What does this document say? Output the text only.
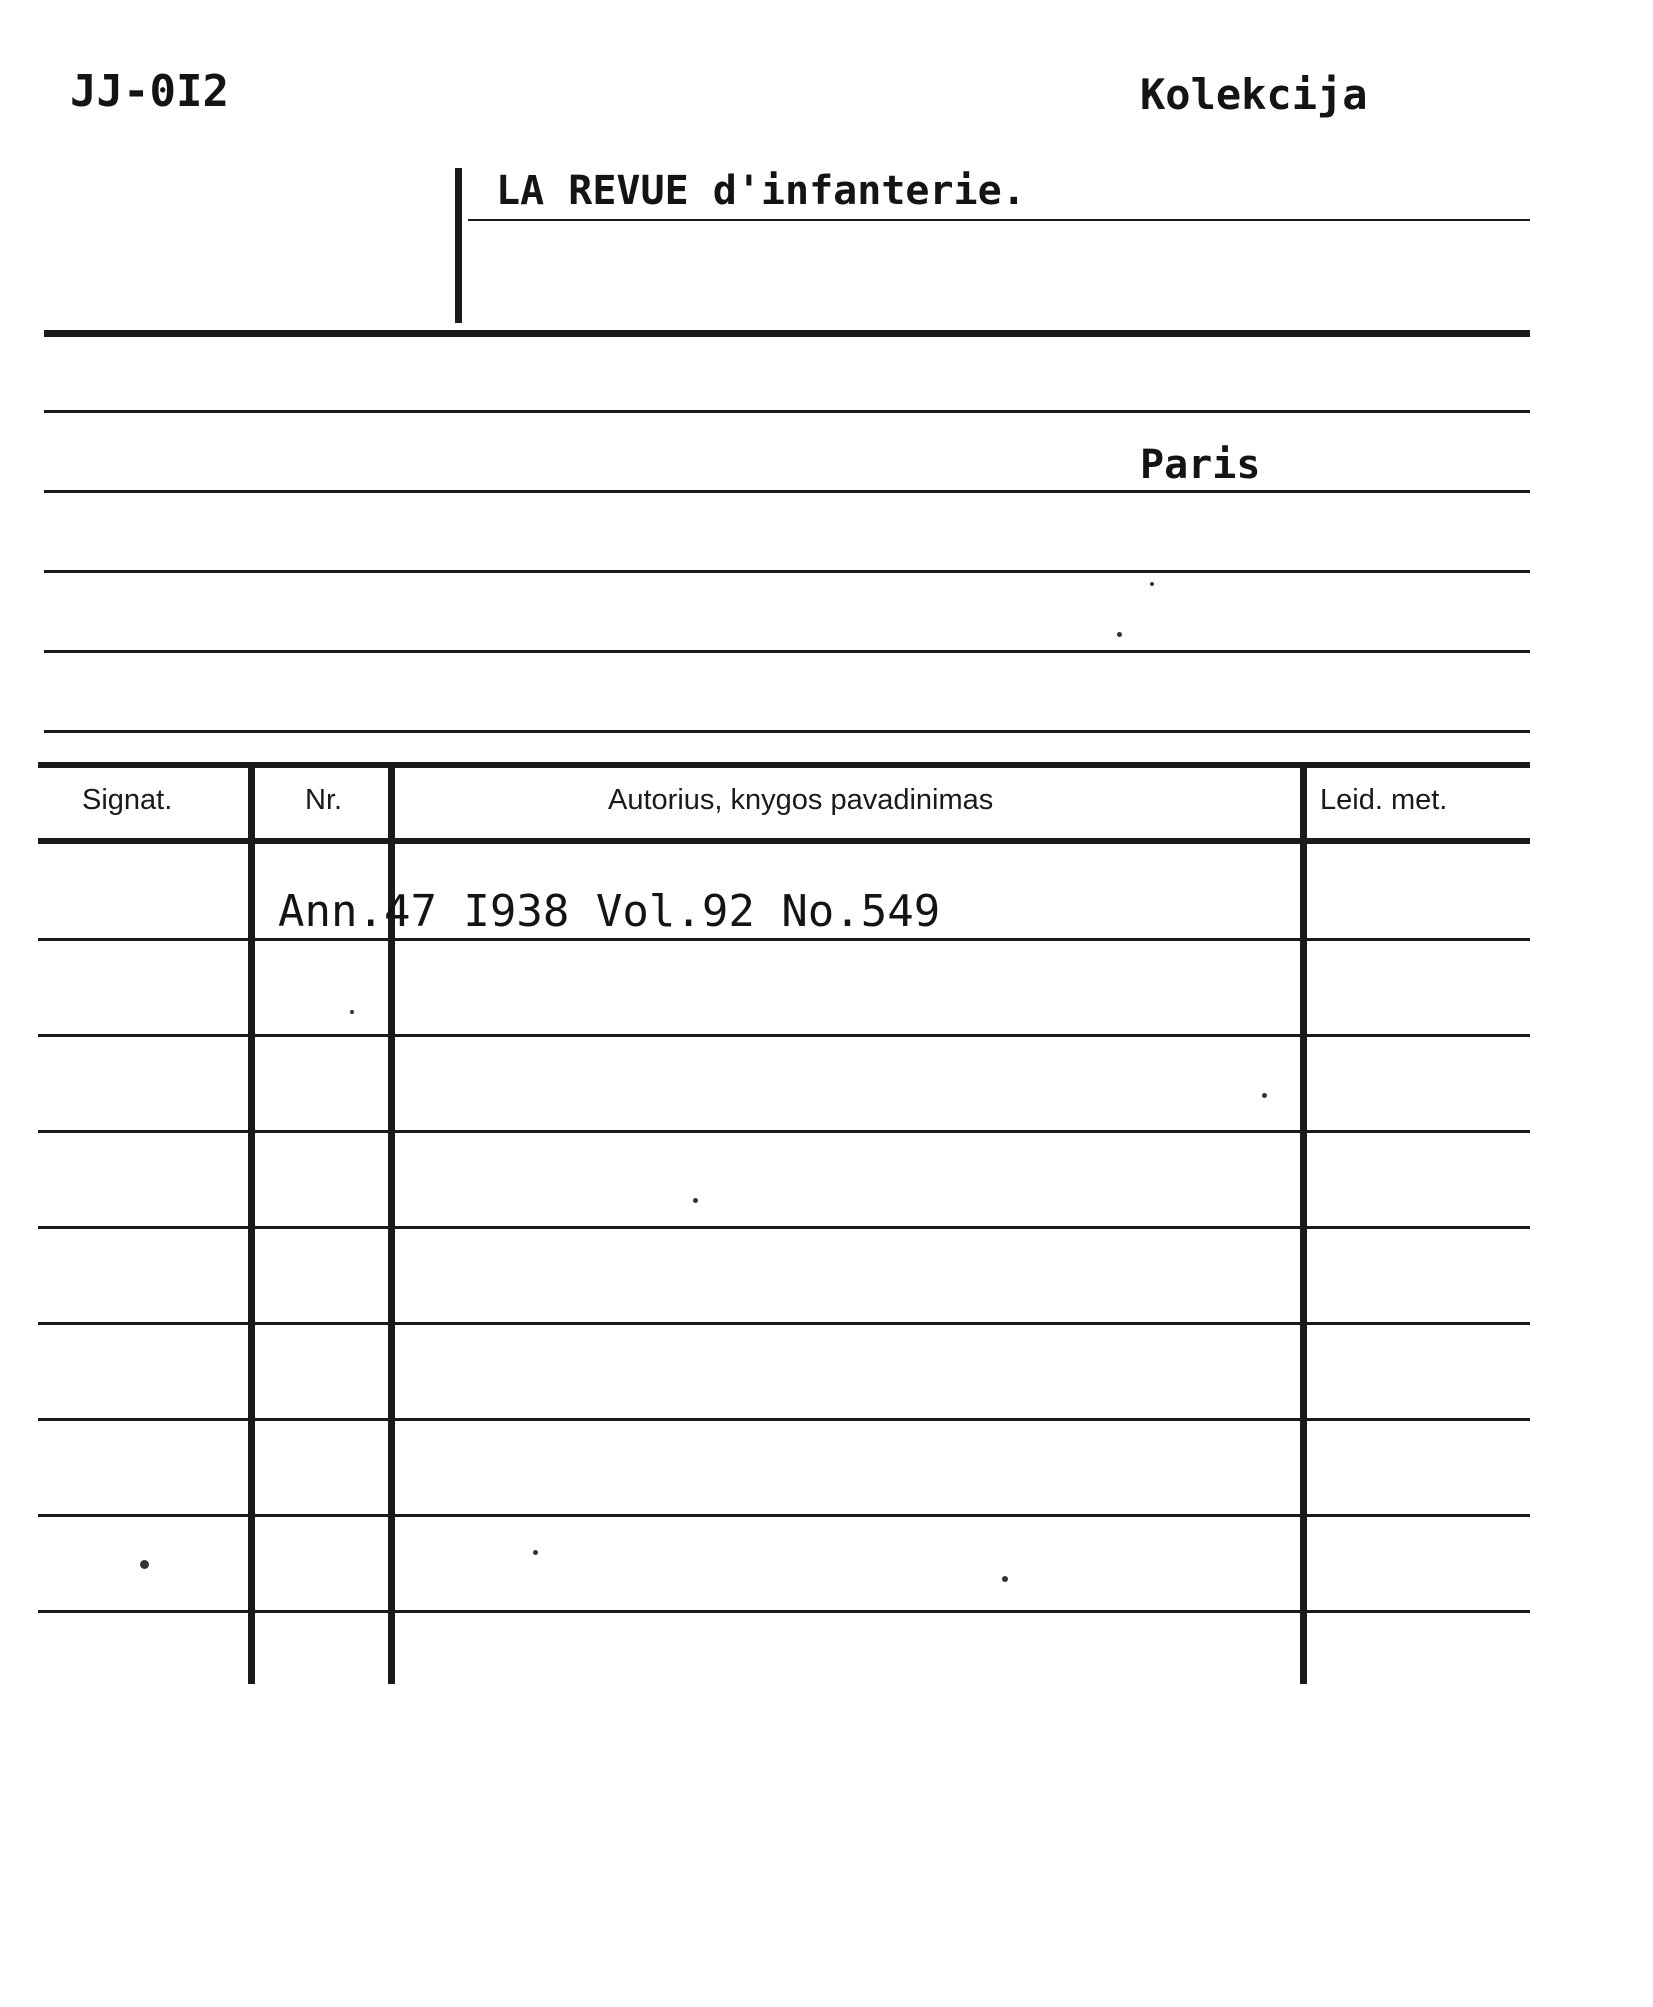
JJ-0I2	Kolekcija
LA REVUE d'infanterie.
Paris
Signat.	Nr.	Autorius, knygos pavadinimas	Leid. met.
Ann.47 I938 Vol.92 No.549
